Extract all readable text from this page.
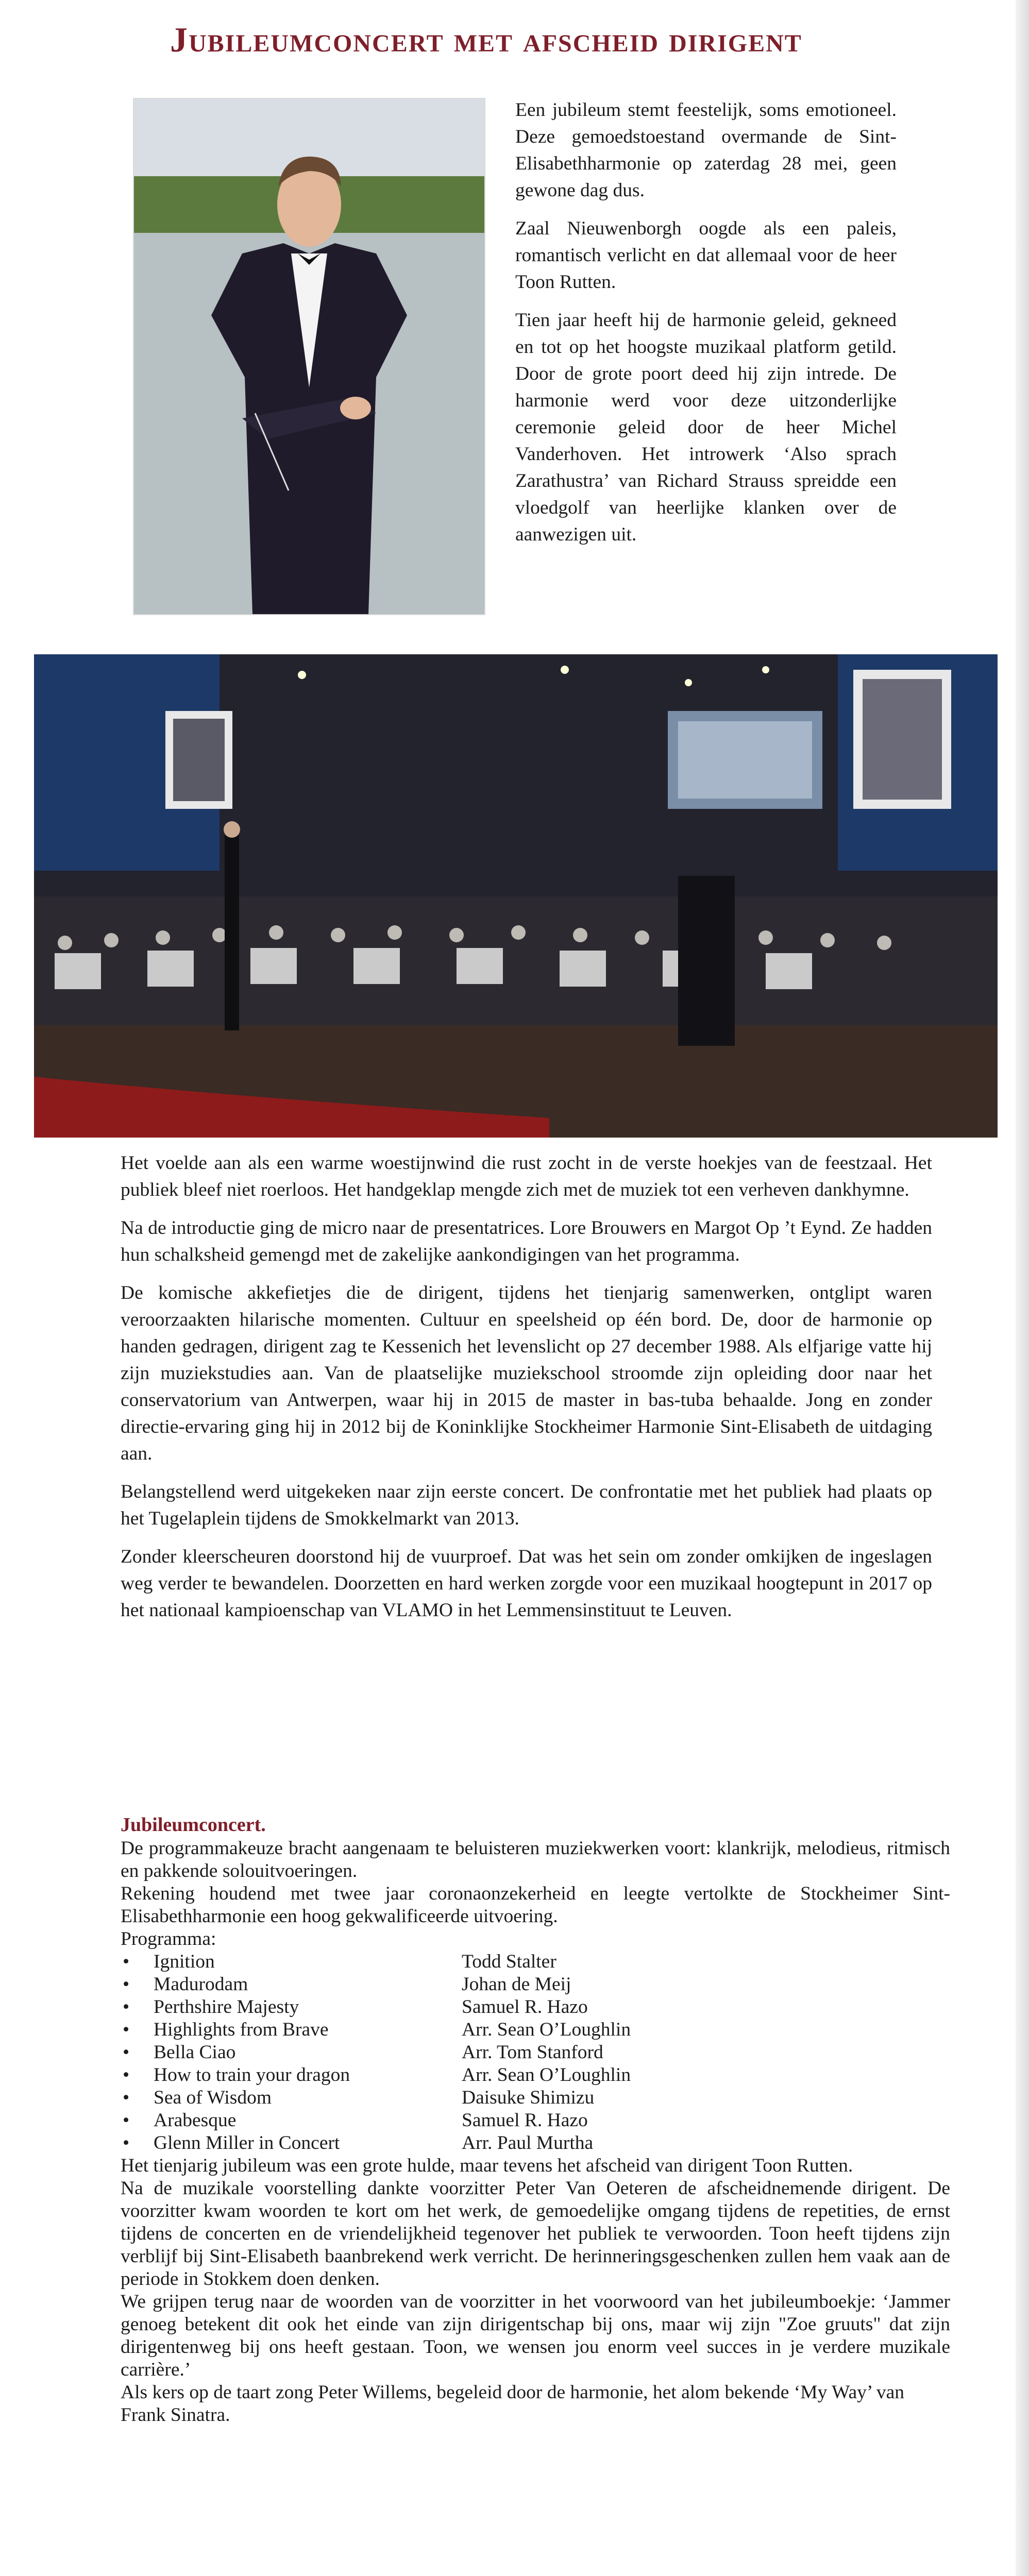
Jubileumconcert met afscheid dirigent

Een jubileum stemt feestelijk, soms emotioneel. Deze gemoedstoestand overmande de Sint-Elisabethharmonie op zaterdag 28 mei, geen gewone dag dus.

Zaal Nieuwenborgh oogde als een paleis, romantisch verlicht en dat allemaal voor de heer Toon Rutten.

Tien jaar heeft hij de harmonie geleid, gekneed en tot op het hoogste muzikaal platform getild. Door de grote poort deed hij zijn intrede. De harmonie werd voor deze uitzonderlijke ceremonie geleid door de heer Michel Vanderhoven. Het introwerk ‘Also sprach Zarathustra’ van Richard Strauss spreidde een vloedgolf van heerlijke klanken over de aanwezigen uit.

Het voelde aan als een warme woestijnwind die rust zocht in de verste hoekjes van de feestzaal. Het publiek bleef niet roerloos. Het handgeklap mengde zich met de muziek tot een verheven dankhymne.

Na de introductie ging de micro naar de presentatrices. Lore Brouwers en Margot Op ’t Eynd. Ze hadden hun schalksheid gemengd met de zakelijke aankondigingen van het programma.

De komische akkefietjes die de dirigent, tijdens het tienjarig samenwerken, ontglipt waren veroorzaakten hilarische momenten. Cultuur en speelsheid op één bord. De, door de harmonie op handen gedragen, dirigent zag te Kessenich het levenslicht op 27 december 1988. Als elfjarige vatte hij zijn muziekstudies aan. Van de plaatselijke muziekschool stroomde zijn opleiding door naar het conservatorium van Antwerpen, waar hij in 2015 de master in bas-tuba behaalde. Jong en zonder directie-ervaring ging hij in 2012 bij de Koninklijke Stockheimer Harmonie Sint-Elisabeth de uitdaging aan.

Belangstellend werd uitgekeken naar zijn eerste concert. De confrontatie met het publiek had plaats op het Tugelaplein tijdens de Smokkelmarkt van 2013.

Zonder kleerscheuren doorstond hij de vuurproef. Dat was het sein om zonder omkijken de ingeslagen weg verder te bewandelen. Doorzetten en hard werken zorgde voor een muzikaal hoogtepunt in 2017 op het nationaal kampioenschap van VLAMO in het Lemmensinstituut te Leuven.

Jubileumconcert.

De programmakeuze bracht aangenaam te beluisteren muziekwerken voort: klankrijk, melodieus, ritmisch en pakkende solouitvoeringen.

Rekening houdend met twee jaar coronaonzekerheid en leegte vertolkte de Stockheimer Sint-Elisabethharmonie een hoog gekwalificeerde uitvoering.

Programma:

•	Ignition	Todd Stalter
•	Madurodam	Johan de Meij
•	Perthshire Majesty	Samuel R. Hazo
•	Highlights from Brave	Arr. Sean O’Loughlin
•	Bella Ciao	Arr. Tom Stanford
•	How to train your dragon	Arr. Sean O’Loughlin
•	Sea of Wisdom	Daisuke Shimizu
•	Arabesque	Samuel R. Hazo
•	Glenn Miller in Concert	Arr. Paul Murtha

Het tienjarig jubileum was een grote hulde, maar tevens het afscheid van dirigent Toon Rutten.

Na de muzikale voorstelling dankte voorzitter Peter Van Oeteren de afscheidnemende dirigent. De voorzitter kwam woorden te kort om het werk, de gemoedelijke omgang tijdens de repetities, de ernst tijdens de concerten en de vriendelijkheid tegenover het publiek te verwoorden. Toon heeft tijdens zijn verblijf bij Sint-Elisabeth baanbrekend werk verricht. De herinneringsgeschenken zullen hem vaak aan de periode in Stokkem doen denken.

We grijpen terug naar de woorden van de voorzitter in het voorwoord van het jubileumboekje: ‘Jammer genoeg betekent dit ook het einde van zijn dirigentschap bij ons, maar wij zijn "Zoe gruuts" dat zijn dirigentenweg bij ons heeft gestaan. Toon, we wensen jou enorm veel succes in je verdere muzikale carrière.’

Als kers op de taart zong Peter Willems, begeleid door de harmonie, het alom bekende ‘My Way’ van Frank Sinatra.
